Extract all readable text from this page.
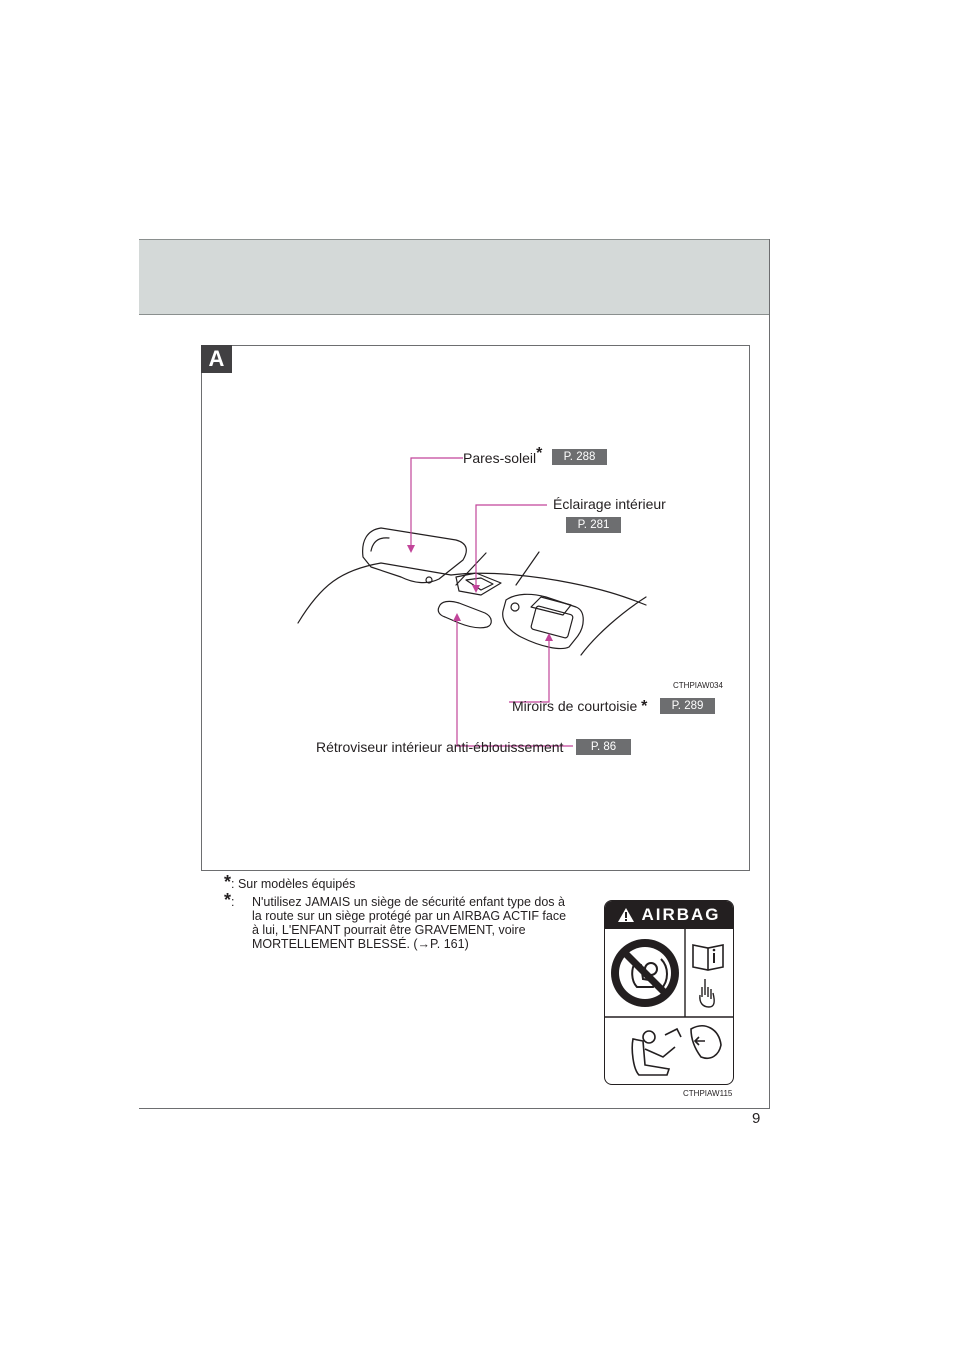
9
A
Pares-soleil*	P. 288
Éclairage intérieur
P. 281
CTHPIAW034
Miroirs de courtoisie *	P. 289
Rétroviseur intérieur anti-éblouissement	P. 86
*: Sur modèles équipés
*: N'utilisez JAMAIS un siège de sécurité enfant type dos à
la route sur un siège protégé par un AIRBAG ACTIF face
à lui, L'ENFANT pourrait être GRAVEMENT, voire
MORTELLEMENT BLESSÉ. (→P. 161)
AIRBAG
CTHPIAW115
